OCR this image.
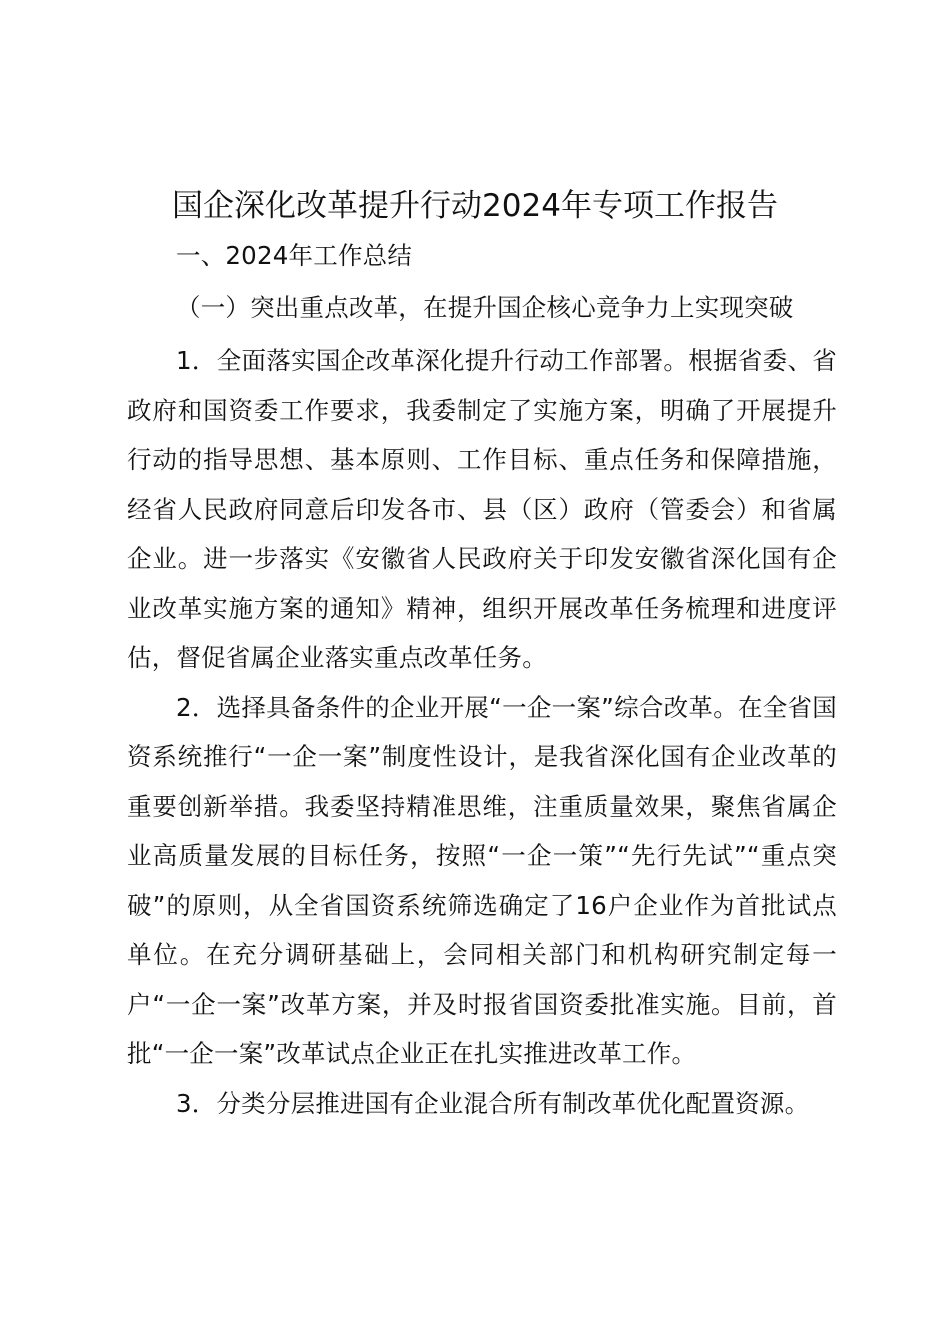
国企深化改革提升行动2024年专项工作报告

一、2024年工作总结

（一）突出重点改革，在提升国企核心竞争力上实现突破

1．全面落实国企改革深化提升行动工作部署。根据省委、省政府和国资委工作要求，我委制定了实施方案，明确了开展提升行动的指导思想、基本原则、工作目标、重点任务和保障措施，经省人民政府同意后印发各市、县（区）政府（管委会）和省属企业。进一步落实《安徽省人民政府关于印发安徽省深化国有企业改革实施方案的通知》精神，组织开展改革任务梳理和进度评估，督促省属企业落实重点改革任务。

2．选择具备条件的企业开展“一企一案”综合改革。在全省国资系统推行“一企一案”制度性设计，是我省深化国有企业改革的重要创新举措。我委坚持精准思维，注重质量效果，聚焦省属企业高质量发展的目标任务，按照“一企一策”“先行先试”“重点突破”的原则，从全省国资系统筛选确定了16户企业作为首批试点单位。在充分调研基础上，会同相关部门和机构研究制定每一户“一企一案”改革方案，并及时报省国资委批准实施。目前，首批“一企一案”改革试点企业正在扎实推进改革工作。

3．分类分层推进国有企业混合所有制改革优化配置资源。
